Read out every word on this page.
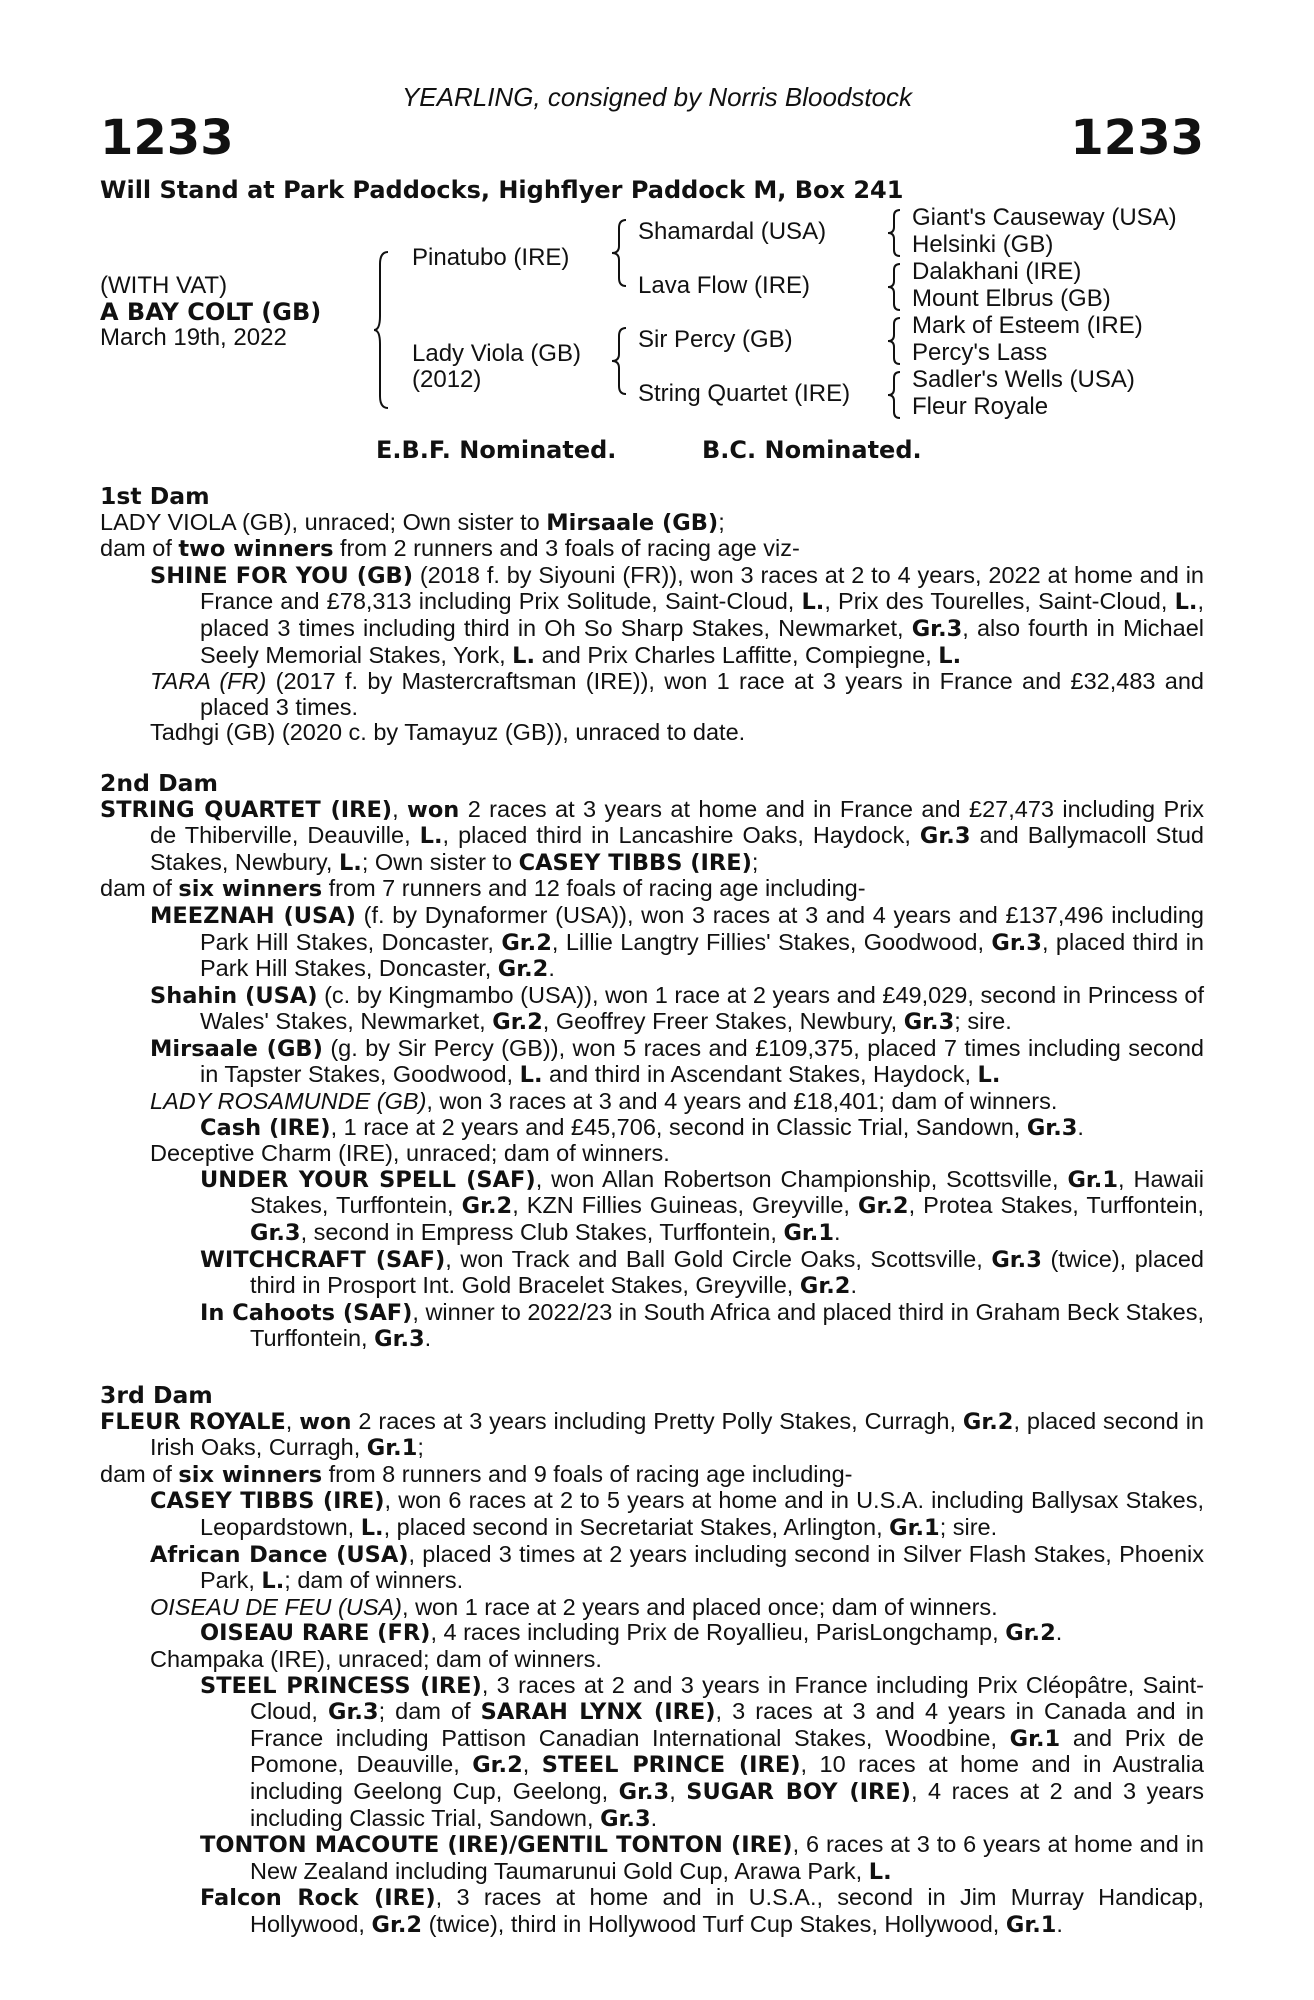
YEARLING, consigned by Norris Bloodstock
1233	1233
Will Stand at Park Paddocks, Highflyer Paddock M, Box 241
(WITH VAT)
A BAY COLT (GB)
March 19th, 2022
Pinatubo (IRE)
Lady Viola (GB)
(2012)
Shamardal (USA)
Lava Flow (IRE)
Sir Percy (GB)
String Quartet (IRE)
Giant's Causeway (USA)
Helsinki (GB)
Dalakhani (IRE)
Mount Elbrus (GB)
Mark of Esteem (IRE)
Percy's Lass
Sadler's Wells (USA)
Fleur Royale
E.B.F. Nominated.	B.C. Nominated.
1st Dam

LADY VIOLA (GB), unraced; Own sister to Mirsaale (GB);

dam of two winners from 2 runners and 3 foals of racing age viz-

SHINE FOR YOU (GB) (2018 f. by Siyouni (FR)), won 3 races at 2 to 4 years, 2022 at home and in France and £78,313 including Prix Solitude, Saint-Cloud, L., Prix des Tourelles, Saint-Cloud, L., placed 3 times including third in Oh So Sharp Stakes, Newmarket, Gr.3, also fourth in Michael Seely Memorial Stakes, York, L. and Prix Charles Laffitte, Compiegne, L.

TARA (FR) (2017 f. by Mastercraftsman (IRE)), won 1 race at 3 years in France and £32,483 and placed 3 times.

Tadhgi (GB) (2020 c. by Tamayuz (GB)), unraced to date.

2nd Dam

STRING QUARTET (IRE), won 2 races at 3 years at home and in France and £27,473 including Prix de Thiberville, Deauville, L., placed third in Lancashire Oaks, Haydock, Gr.3 and Ballymacoll Stud Stakes, Newbury, L.; Own sister to CASEY TIBBS (IRE);

dam of six winners from 7 runners and 12 foals of racing age including-

MEEZNAH (USA) (f. by Dynaformer (USA)), won 3 races at 3 and 4 years and £137,496 including Park Hill Stakes, Doncaster, Gr.2, Lillie Langtry Fillies' Stakes, Goodwood, Gr.3, placed third in Park Hill Stakes, Doncaster, Gr.2.

Shahin (USA) (c. by Kingmambo (USA)), won 1 race at 2 years and £49,029, second in Princess of Wales' Stakes, Newmarket, Gr.2, Geoffrey Freer Stakes, Newbury, Gr.3; sire.

Mirsaale (GB) (g. by Sir Percy (GB)), won 5 races and £109,375, placed 7 times including second in Tapster Stakes, Goodwood, L. and third in Ascendant Stakes, Haydock, L.

LADY ROSAMUNDE (GB), won 3 races at 3 and 4 years and £18,401; dam of winners.

Cash (IRE), 1 race at 2 years and £45,706, second in Classic Trial, Sandown, Gr.3.

Deceptive Charm (IRE), unraced; dam of winners.

UNDER YOUR SPELL (SAF), won Allan Robertson Championship, Scottsville, Gr.1, Hawaii Stakes, Turffontein, Gr.2, KZN Fillies Guineas, Greyville, Gr.2, Protea Stakes, Turffontein, Gr.3, second in Empress Club Stakes, Turffontein, Gr.1.

WITCHCRAFT (SAF), won Track and Ball Gold Circle Oaks, Scottsville, Gr.3 (twice), placed third in Prosport Int. Gold Bracelet Stakes, Greyville, Gr.2.

In Cahoots (SAF), winner to 2022/23 in South Africa and placed third in Graham Beck Stakes, Turffontein, Gr.3.

3rd Dam

FLEUR ROYALE, won 2 races at 3 years including Pretty Polly Stakes, Curragh, Gr.2, placed second in Irish Oaks, Curragh, Gr.1;

dam of six winners from 8 runners and 9 foals of racing age including-

CASEY TIBBS (IRE), won 6 races at 2 to 5 years at home and in U.S.A. including Ballysax Stakes, Leopardstown, L., placed second in Secretariat Stakes, Arlington, Gr.1; sire.

African Dance (USA), placed 3 times at 2 years including second in Silver Flash Stakes, Phoenix Park, L.; dam of winners.

OISEAU DE FEU (USA), won 1 race at 2 years and placed once; dam of winners.

OISEAU RARE (FR), 4 races including Prix de Royallieu, ParisLongchamp, Gr.2.

Champaka (IRE), unraced; dam of winners.

STEEL PRINCESS (IRE), 3 races at 2 and 3 years in France including Prix Cléopâtre, Saint-Cloud, Gr.3; dam of SARAH LYNX (IRE), 3 races at 3 and 4 years in Canada and in France including Pattison Canadian International Stakes, Woodbine, Gr.1 and Prix de Pomone, Deauville, Gr.2, STEEL PRINCE (IRE), 10 races at home and in Australia including Geelong Cup, Geelong, Gr.3, SUGAR BOY (IRE), 4 races at 2 and 3 years including Classic Trial, Sandown, Gr.3.

TONTON MACOUTE (IRE)/GENTIL TONTON (IRE), 6 races at 3 to 6 years at home and in New Zealand including Taumarunui Gold Cup, Arawa Park, L.

Falcon Rock (IRE), 3 races at home and in U.S.A., second in Jim Murray Handicap, Hollywood, Gr.2 (twice), third in Hollywood Turf Cup Stakes, Hollywood, Gr.1.
